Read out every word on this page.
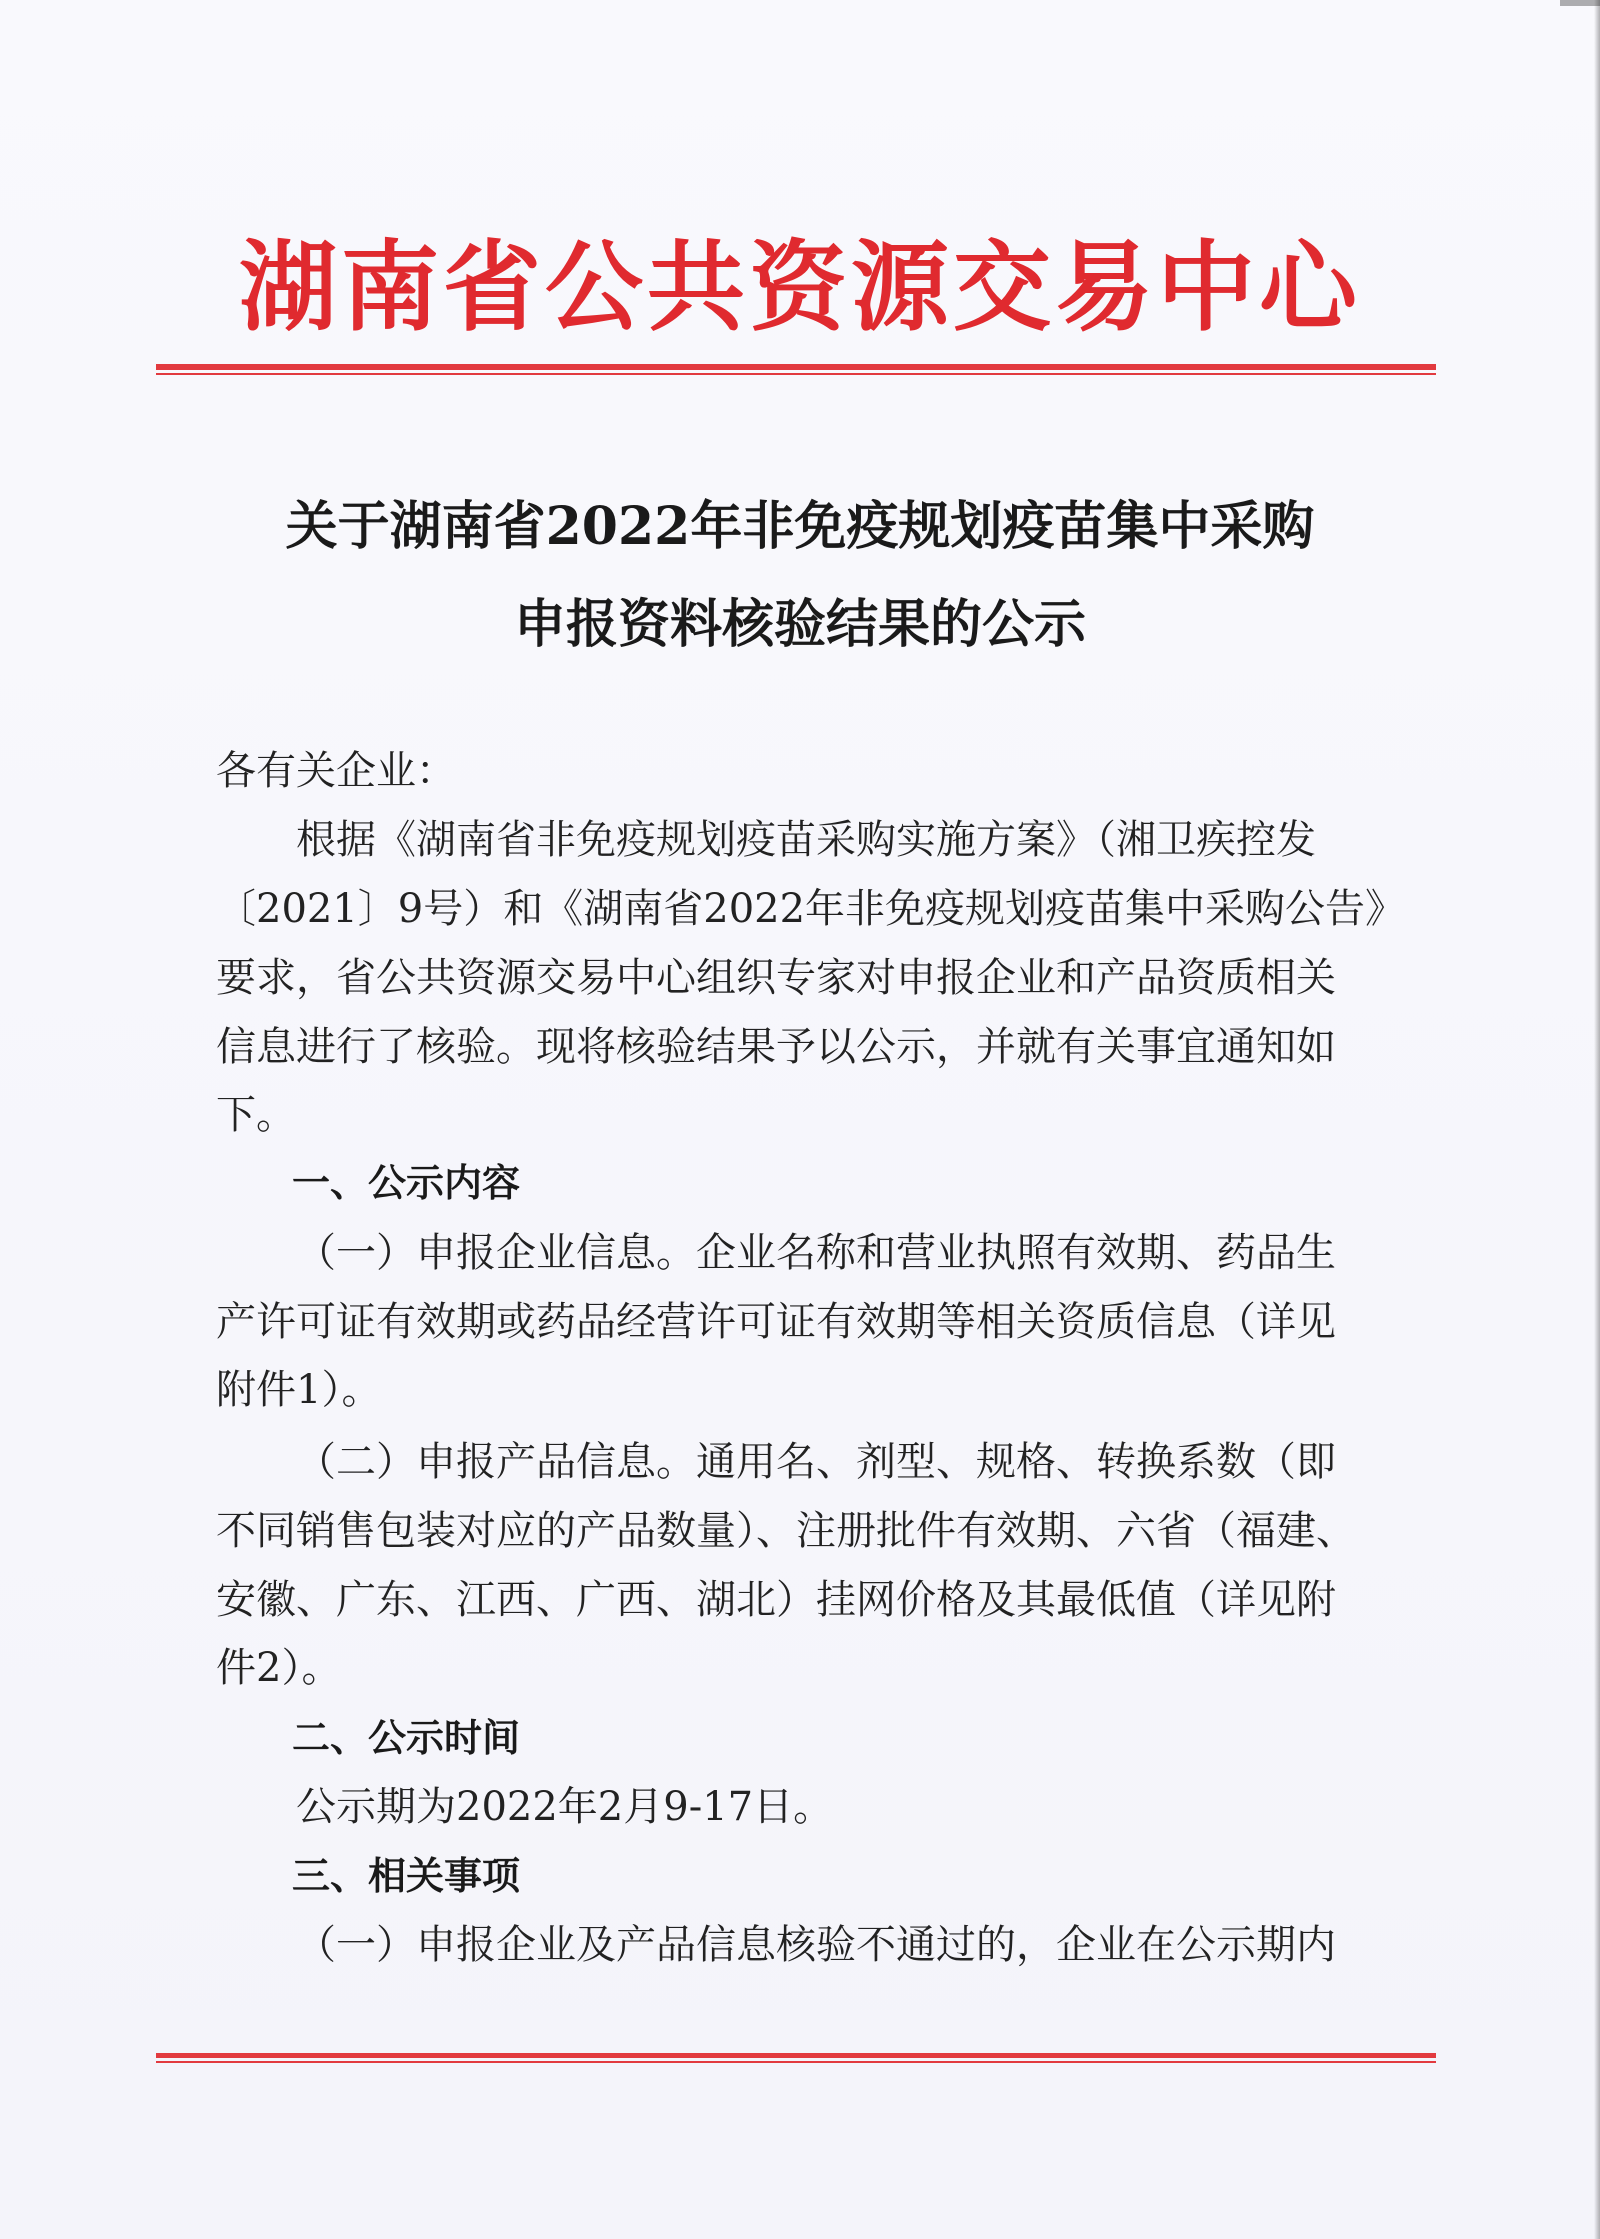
湖南省公共资源交易中心
关于湖南省2022年非免疫规划疫苗集中采购
申报资料核验结果的公示
各有关企业：
根据《湖南省非免疫规划疫苗采购实施方案》（湘卫疾控发
〔2021〕9号）和《湖南省2022年非免疫规划疫苗集中采购公告》
要求，省公共资源交易中心组织专家对申报企业和产品资质相关
信息进行了核验。现将核验结果予以公示，并就有关事宜通知如
下。
一、公示内容
（一）申报企业信息。企业名称和营业执照有效期、药品生
产许可证有效期或药品经营许可证有效期等相关资质信息（详见
附件1）。
（二）申报产品信息。通用名、剂型、规格、转换系数（即
不同销售包装对应的产品数量）、注册批件有效期、六省（福建、
安徽、广东、江西、广西、湖北）挂网价格及其最低值（详见附
件2）。
二、公示时间
公示期为2022年2月9-17日。
三、相关事项
（一）申报企业及产品信息核验不通过的，企业在公示期内
